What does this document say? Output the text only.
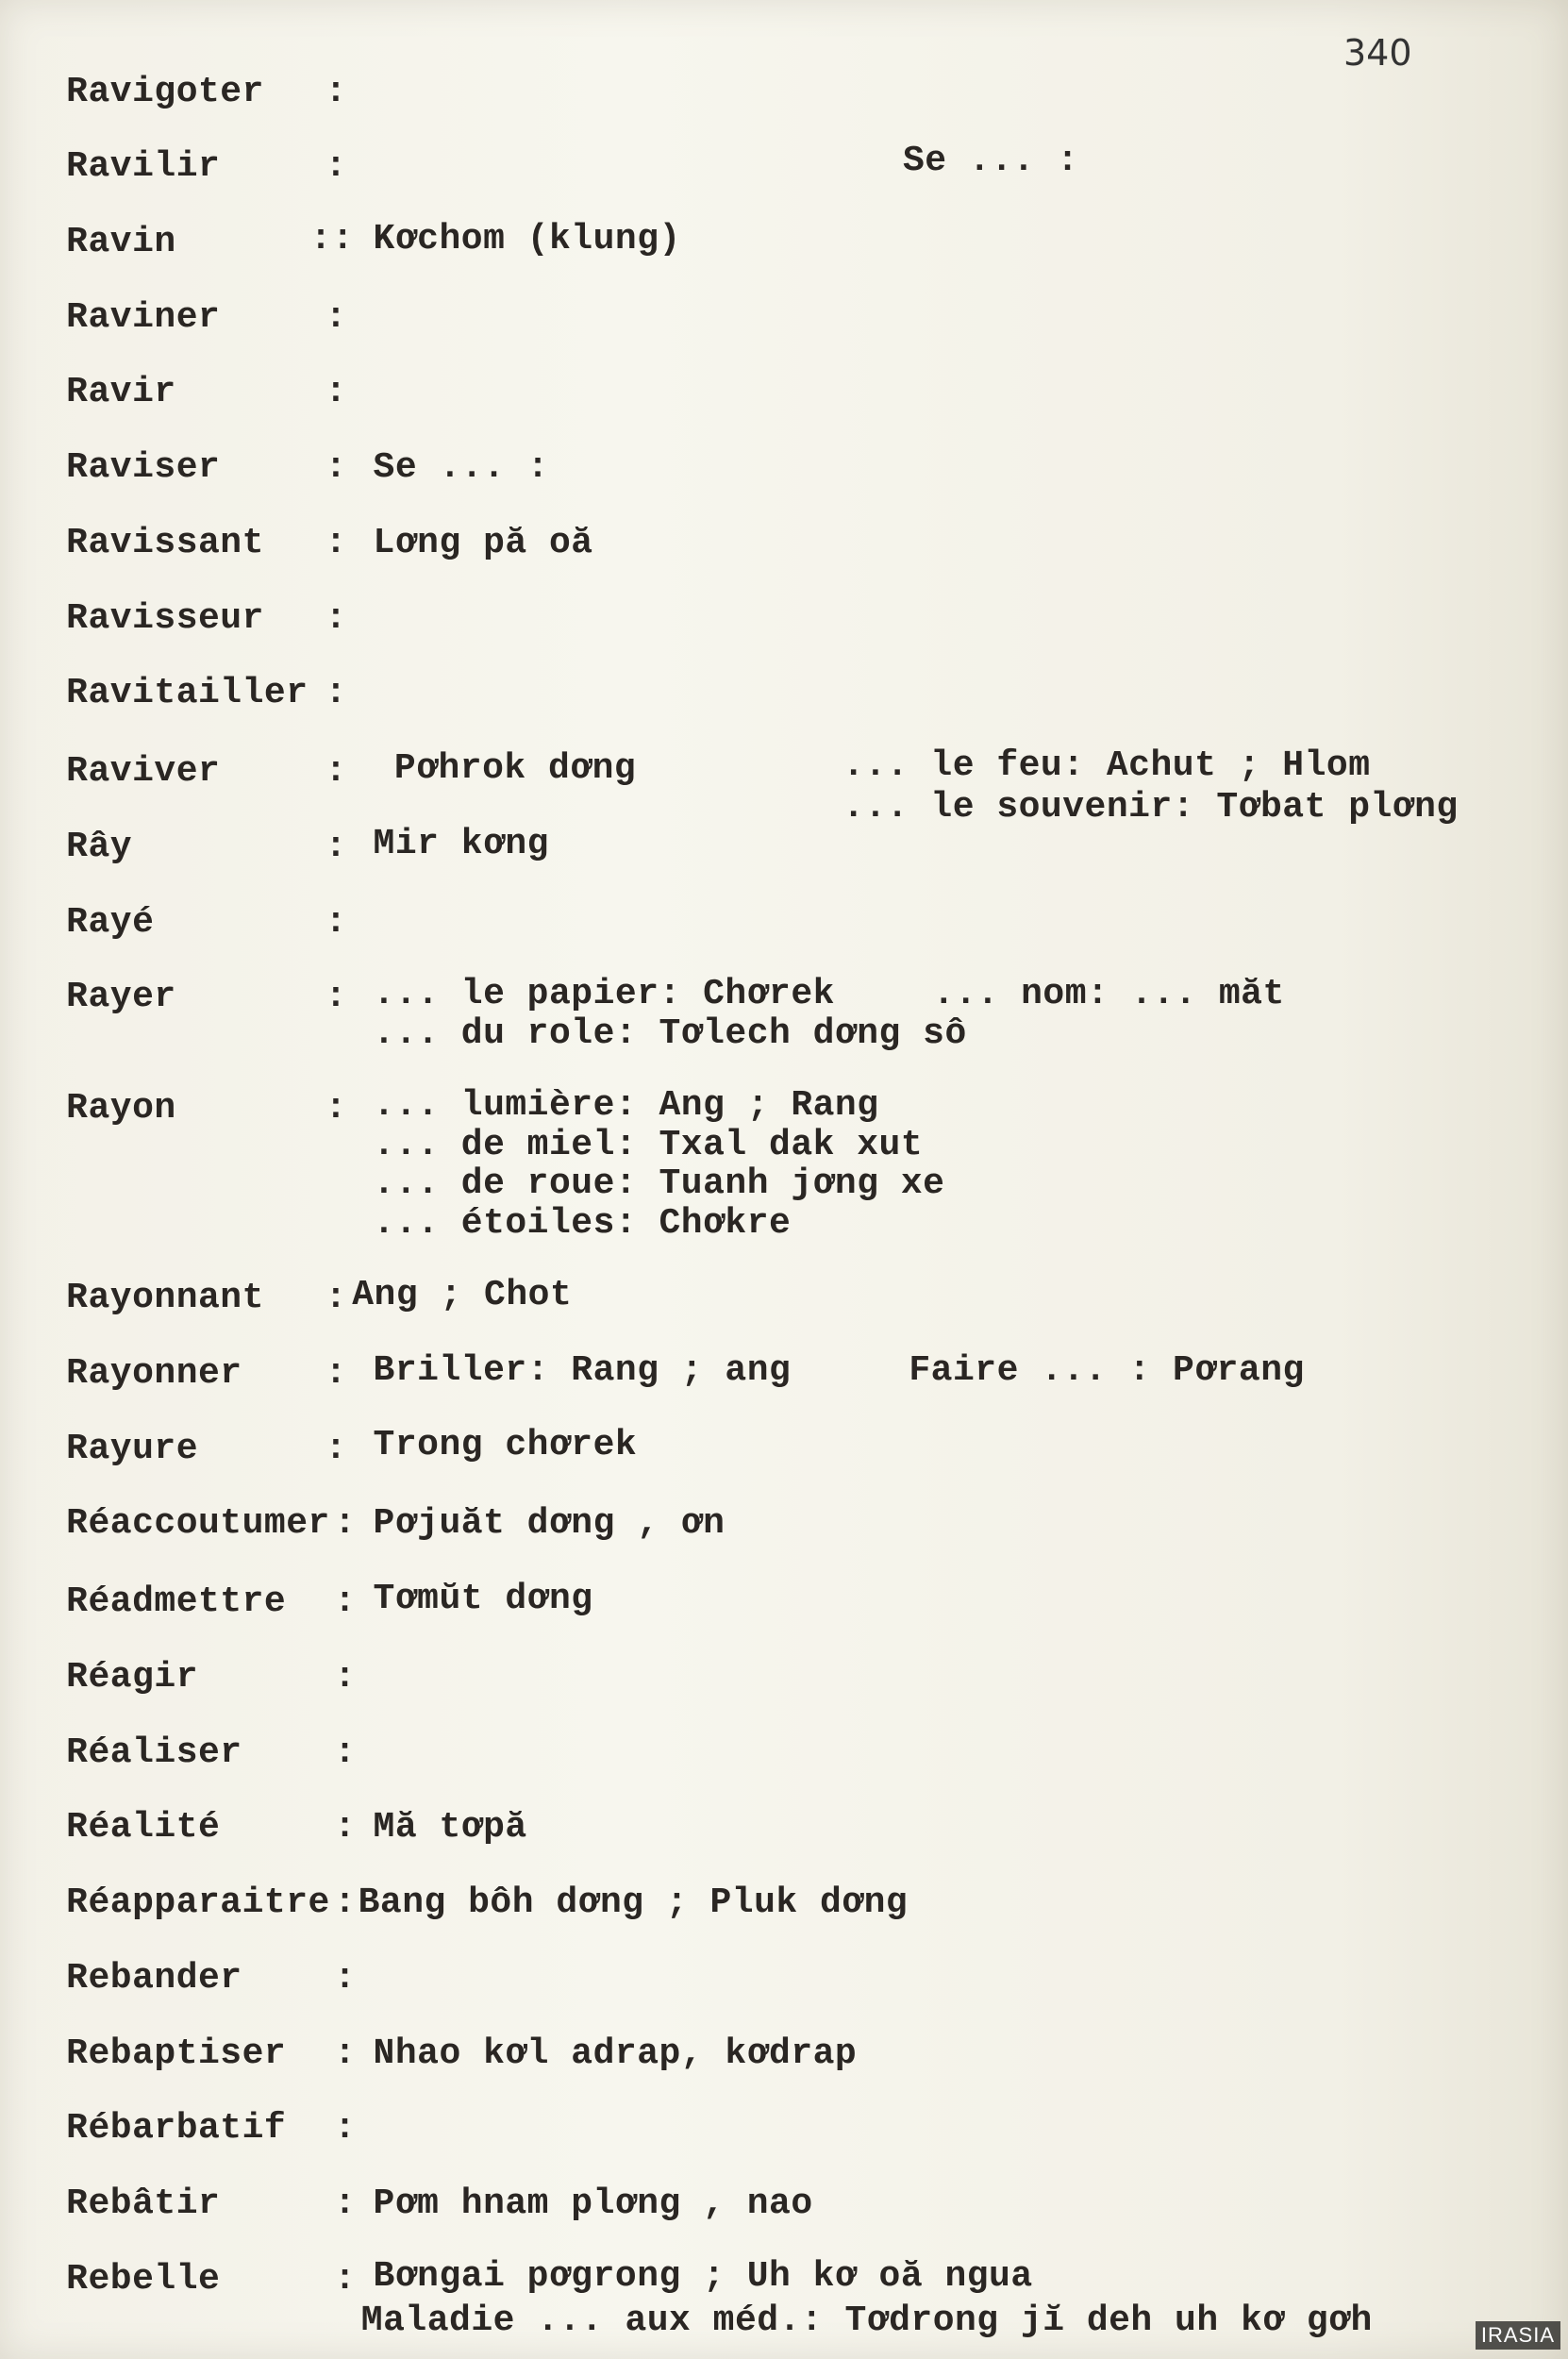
340
Ravigoter :
Ravilir	:	Se ... :
Ravin	:: Kơchom (klung)
Raviner	:
Ravir	:
Raviser	: Se ... :
Ravissant : Lơng pă oă
Ravisseur :
Ravitailler :
Raviver	: Pơhrok dơng	... le feu: Achut ; Hlom
... le souvenir: Tơbat plơng
Rây	: Mir kơng
Rayé	:
Rayer	: ... le papier: Chơrek	... nom: ... măt
... du role: Tơlech dơng sô
Rayon	: ... lumière: Ang ; Rang
... de miel: Txal dak xut
... de roue: Tuanh jơng xe
... étoiles: Chơkre
Rayonnant : Ang ; Chot
Rayonner : Briller: Rang ; ang	Faire ... : Pơrang
Rayure	: Trong chơrek
Réaccoutumer : Pơjuăt dơng , ơn
Réadmettre : Tơmŭt dơng
Réagir	:
Réaliser	:
Réalité	: Mă tơpă
Réapparaitre : Bang bôh dơng ; Pluk dơng
Rebander	:
Rebaptiser : Nhao kơl adrap, kơdrap
Rébarbatif :
Rebâtir	: Pơm hnam plơng , nao
Rebelle	: Bơngai pơgrong ; Uh kơ oă ngua
Maladie ... aux méd.: Tơdrong jĭ deh uh kơ gơh	IRASIA
